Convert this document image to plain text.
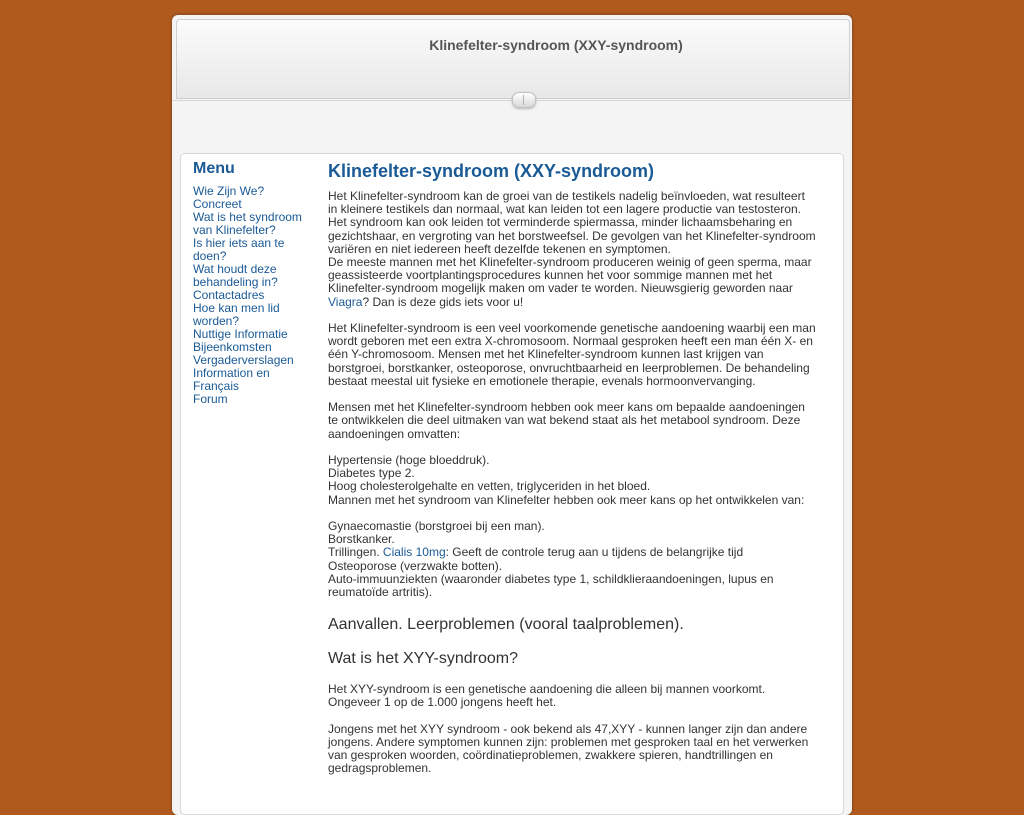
Klinefelter-syndroom (XXY-syndroom)
Menu
Wie Zijn We?
Concreet
Wat is het syndroom van Klinefelter?
Is hier iets aan te doen?
Wat houdt deze behandeling in?
Contactadres
Hoe kan men lid worden?
Nuttige Informatie
Bijeenkomsten
Vergaderverslagen
Information en Français
Forum
Klinefelter-syndroom (XXY-syndroom)

Het Klinefelter-syndroom kan de groei van de testikels nadelig beïnvloeden, wat resulteert in kleinere testikels dan normaal, wat kan leiden tot een lagere productie van testosteron. Het syndroom kan ook leiden tot verminderde spiermassa, minder lichaamsbeharing en gezichtshaar, en vergroting van het borstweefsel. De gevolgen van het Klinefelter-syndroom variëren en niet iedereen heeft dezelfde tekenen en symptomen.

De meeste mannen met het Klinefelter-syndroom produceren weinig of geen sperma, maar geassisteerde voortplantingsprocedures kunnen het voor sommige mannen met het Klinefelter-syndroom mogelijk maken om vader te worden. Nieuwsgierig geworden naar Viagra? Dan is deze gids iets voor u!

Het Klinefelter-syndroom is een veel voorkomende genetische aandoening waarbij een man wordt geboren met een extra X-chromosoom. Normaal gesproken heeft een man één X- en één Y-chromosoom. Mensen met het Klinefelter-syndroom kunnen last krijgen van borstgroei, borstkanker, osteoporose, onvruchtbaarheid en leerproblemen. De behandeling bestaat meestal uit fysieke en emotionele therapie, evenals hormoonvervanging.

Mensen met het Klinefelter-syndroom hebben ook meer kans om bepaalde aandoeningen te ontwikkelen die deel uitmaken van wat bekend staat als het metabool syndroom. Deze aandoeningen omvatten:

Hypertensie (hoge bloeddruk).

Diabetes type 2.

Hoog cholesterolgehalte en vetten, triglyceriden in het bloed.

Mannen met het syndroom van Klinefelter hebben ook meer kans op het ontwikkelen van:

Gynaecomastie (borstgroei bij een man).

Borstkanker.

Trillingen. Cialis 10mg: Geeft de controle terug aan u tijdens de belangrijke tijd

Osteoporose (verzwakte botten).

Auto-immuunziekten (waaronder diabetes type 1, schildklieraandoeningen, lupus en reumatoïde artritis).

Aanvallen. Leerproblemen (vooral taalproblemen).
Wat is het XYY-syndroom?

Het XYY-syndroom is een genetische aandoening die alleen bij mannen voorkomt. Ongeveer 1 op de 1.000 jongens heeft het.

Jongens met het XYY syndroom - ook bekend als 47,XYY - kunnen langer zijn dan andere jongens. Andere symptomen kunnen zijn: problemen met gesproken taal en het verwerken van gesproken woorden, coördinatieproblemen, zwakkere spieren, handtrillingen en gedragsproblemen.
